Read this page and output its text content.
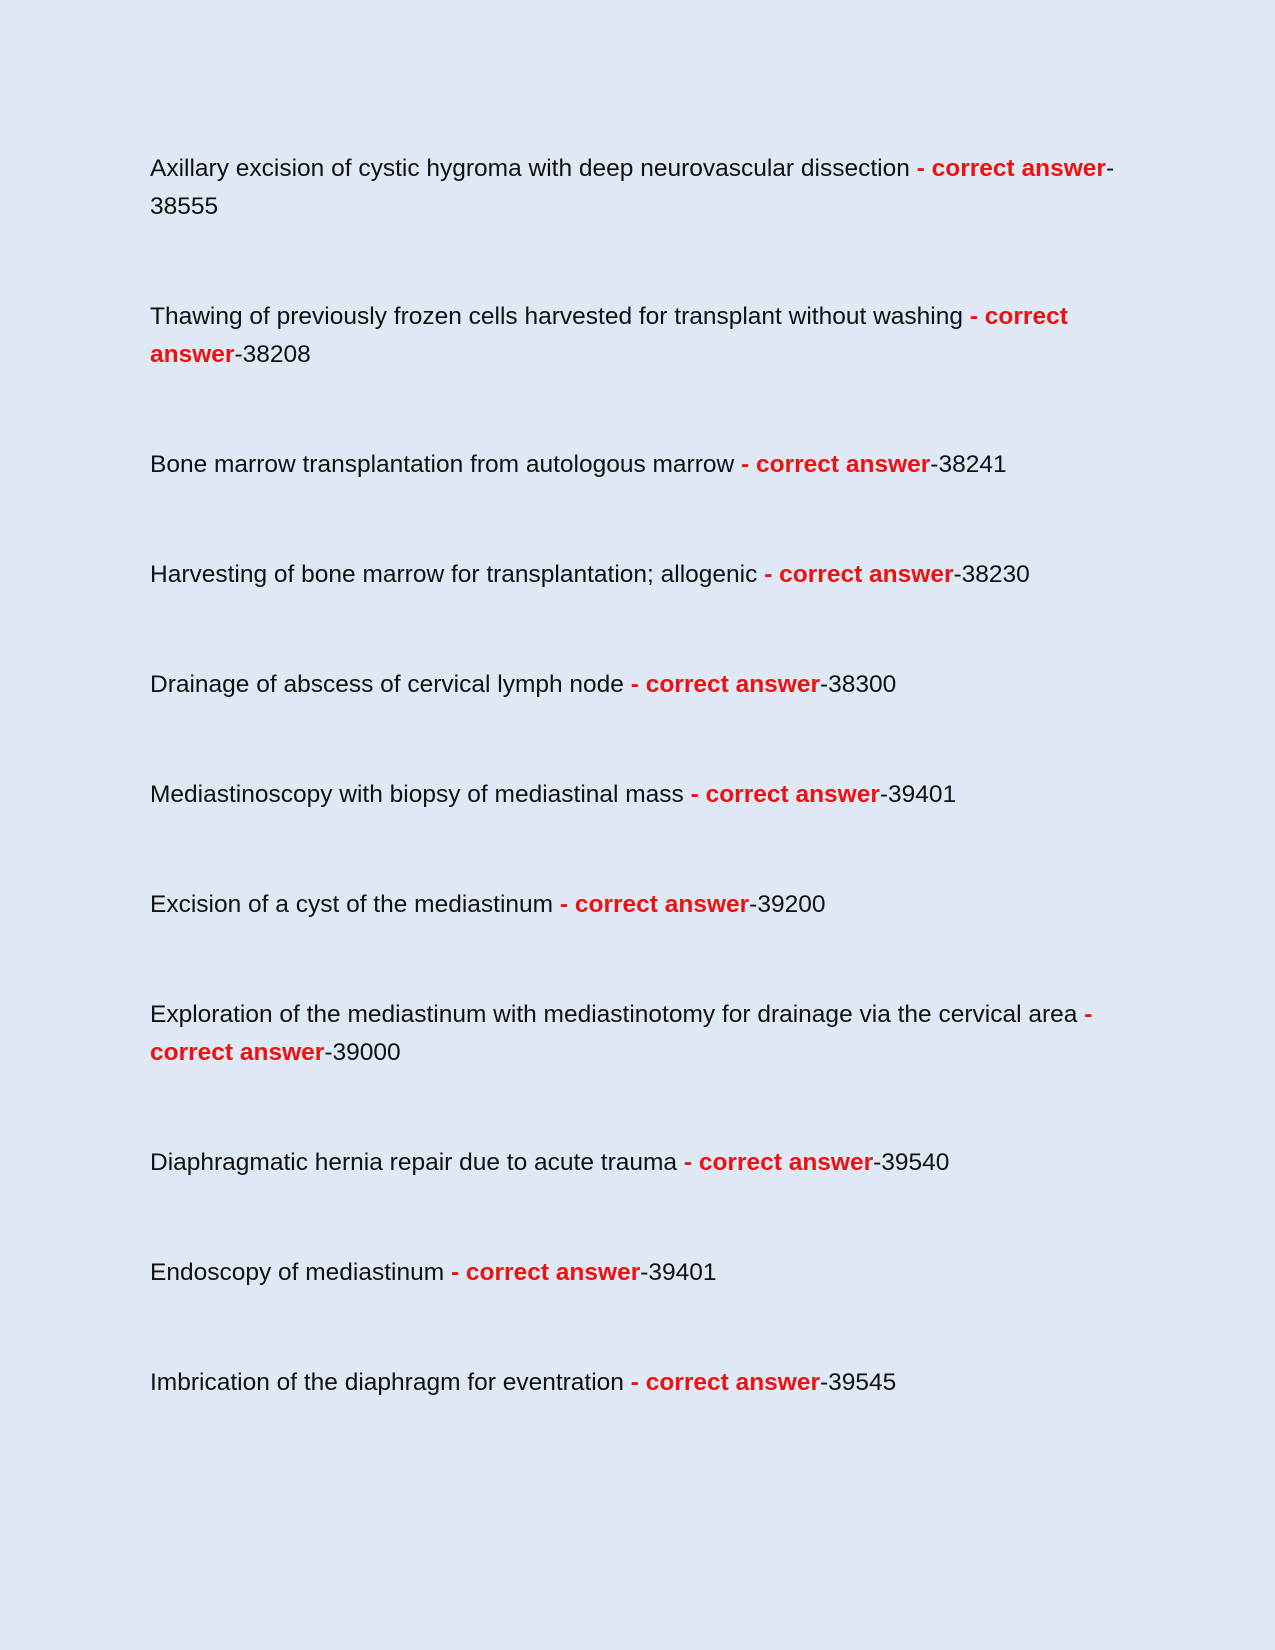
Axillary excision of cystic hygroma with deep neurovascular dissection - correct answer-38555
Thawing of previously frozen cells harvested for transplant without washing - correct answer-38208
Bone marrow transplantation from autologous marrow - correct answer-38241
Harvesting of bone marrow for transplantation; allogenic - correct answer-38230
Drainage of abscess of cervical lymph node - correct answer-38300
Mediastinoscopy with biopsy of mediastinal mass - correct answer-39401
Excision of a cyst of the mediastinum - correct answer-39200
Exploration of the mediastinum with mediastinotomy for drainage via the cervical area - correct answer-39000
Diaphragmatic hernia repair due to acute trauma - correct answer-39540
Endoscopy of mediastinum - correct answer-39401
Imbrication of the diaphragm for eventration - correct answer-39545
